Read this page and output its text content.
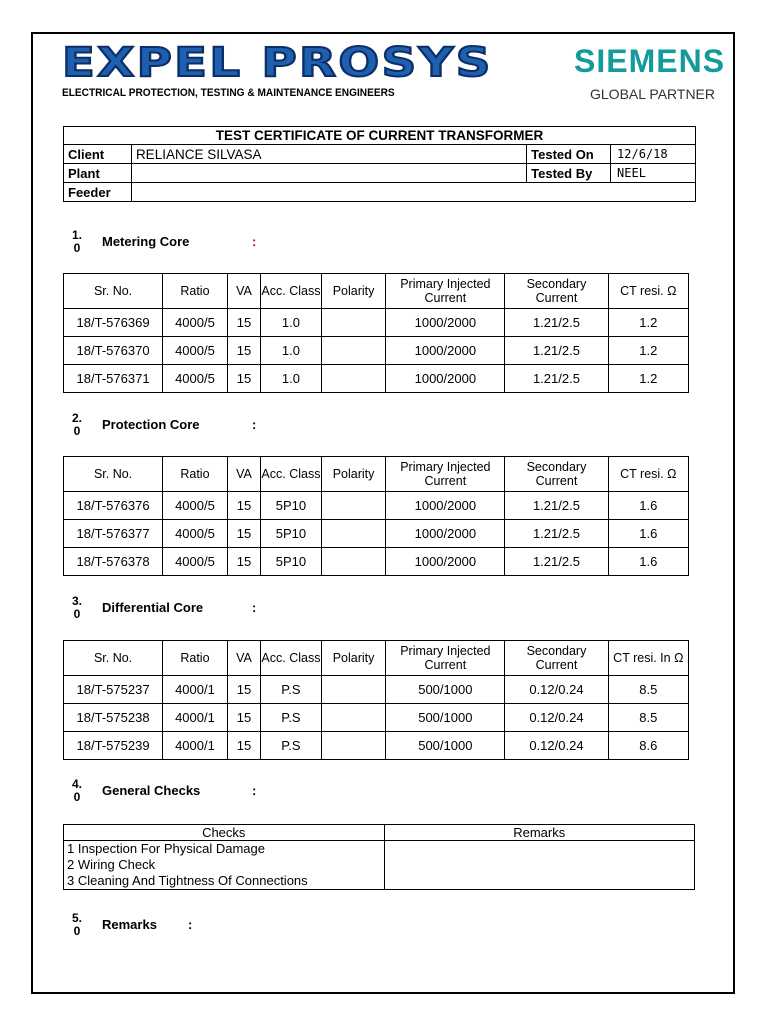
EXPEL PROSYS
ELECTRICAL PROTECTION, TESTING & MAINTENANCE ENGINEERS
SIEMENS
GLOBAL PARTNER
TEST CERTIFICATE OF CURRENT TRANSFORMER			
Client	RELIANCE SILVASA	Tested On	12/6/18
Plant		Tested By	NEEL
Feeder			
1.
0 Metering Core	:
Sr. No.	Ratio	VA	Acc. Class	Polarity	Primary Injected Current	Secondary Current	CT resi. Ω
18/T-576369	4000/5	15	1.0		1000/2000	1.21/2.5	1.2
18/T-576370	4000/5	15	1.0		1000/2000	1.21/2.5	1.2
18/T-576371	4000/5	15	1.0		1000/2000	1.21/2.5	1.2
2.
0 Protection Core	:
Sr. No.	Ratio	VA	Acc. Class	Polarity	Primary Injected Current	Secondary Current	CT resi. Ω
18/T-576376	4000/5	15	5P10		1000/2000	1.21/2.5	1.6
18/T-576377	4000/5	15	5P10		1000/2000	1.21/2.5	1.6
18/T-576378	4000/5	15	5P10		1000/2000	1.21/2.5	1.6
3.
0 Differential Core	:
Sr. No.	Ratio	VA	Acc. Class	Polarity	Primary Injected Current	Secondary Current	CT resi. In Ω
18/T-575237	4000/1	15	P.S		500/1000	0.12/0.24	8.5
18/T-575238	4000/1	15	P.S		500/1000	0.12/0.24	8.5
18/T-575239	4000/1	15	P.S		500/1000	0.12/0.24	8.6
4.
0 General Checks	:
Checks	Remarks

1 Inspection For Physical Damage
2 Wiring Check
3 Cleaning And Tightness Of Connections	

5.
0 Remarks :
